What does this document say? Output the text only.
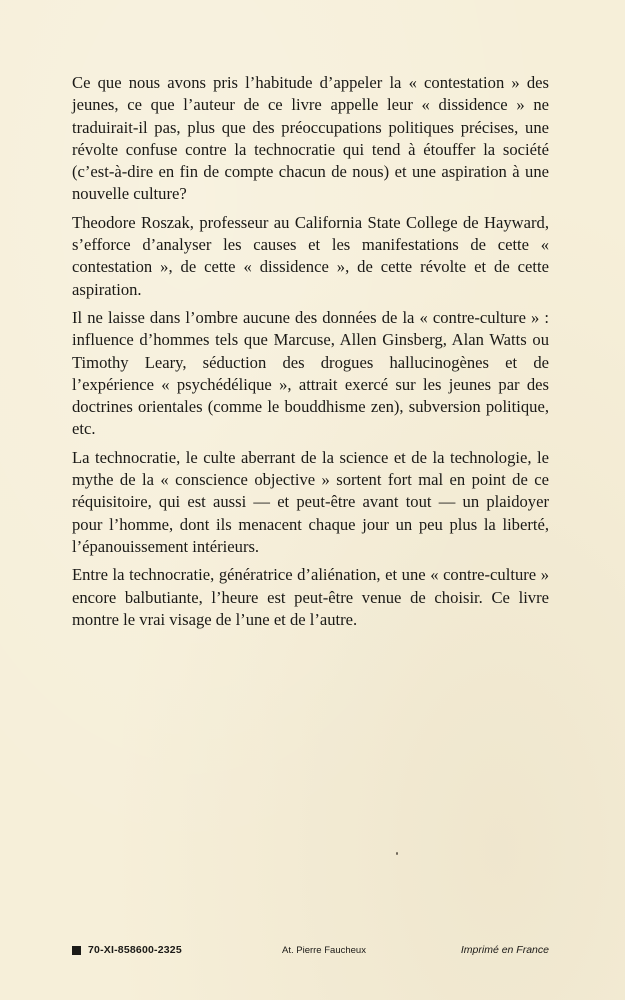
Ce que nous avons pris l’habitude d’appeler la « contestation » des jeunes, ce que l’auteur de ce livre appelle leur « dissidence » ne traduirait-il pas, plus que des préoccupations politiques précises, une révolte confuse contre la technocratie qui tend à étouffer la société (c’est-à-dire en fin de compte chacun de nous) et une aspiration à une nouvelle culture?

Theodore Roszak, professeur au California State College de Hayward, s’efforce d’analyser les causes et les manifestations de cette « contestation », de cette « dissidence », de cette révolte et de cette aspiration.

Il ne laisse dans l’ombre aucune des données de la « contre-culture » : influence d’hommes tels que Marcuse, Allen Ginsberg, Alan Watts ou Timothy Leary, séduction des drogues hallucinogènes et de l’expérience « psychédélique », attrait exercé sur les jeunes par des doctrines orientales (comme le bouddhisme zen), subversion politique, etc.

La technocratie, le culte aberrant de la science et de la technologie, le mythe de la « conscience objective » sortent fort mal en point de ce réquisitoire, qui est aussi — et peut-être avant tout — un plaidoyer pour l’homme, dont ils menacent chaque jour un peu plus la liberté, l’épanouissement intérieurs.

Entre la technocratie, génératrice d’aliénation, et une « contre-culture » encore balbutiante, l’heure est peut-être venue de choisir. Ce livre montre le vrai visage de l’une et de l’autre.

70-XI-858600-2325	At. Pierre Faucheux	Imprimé en France
